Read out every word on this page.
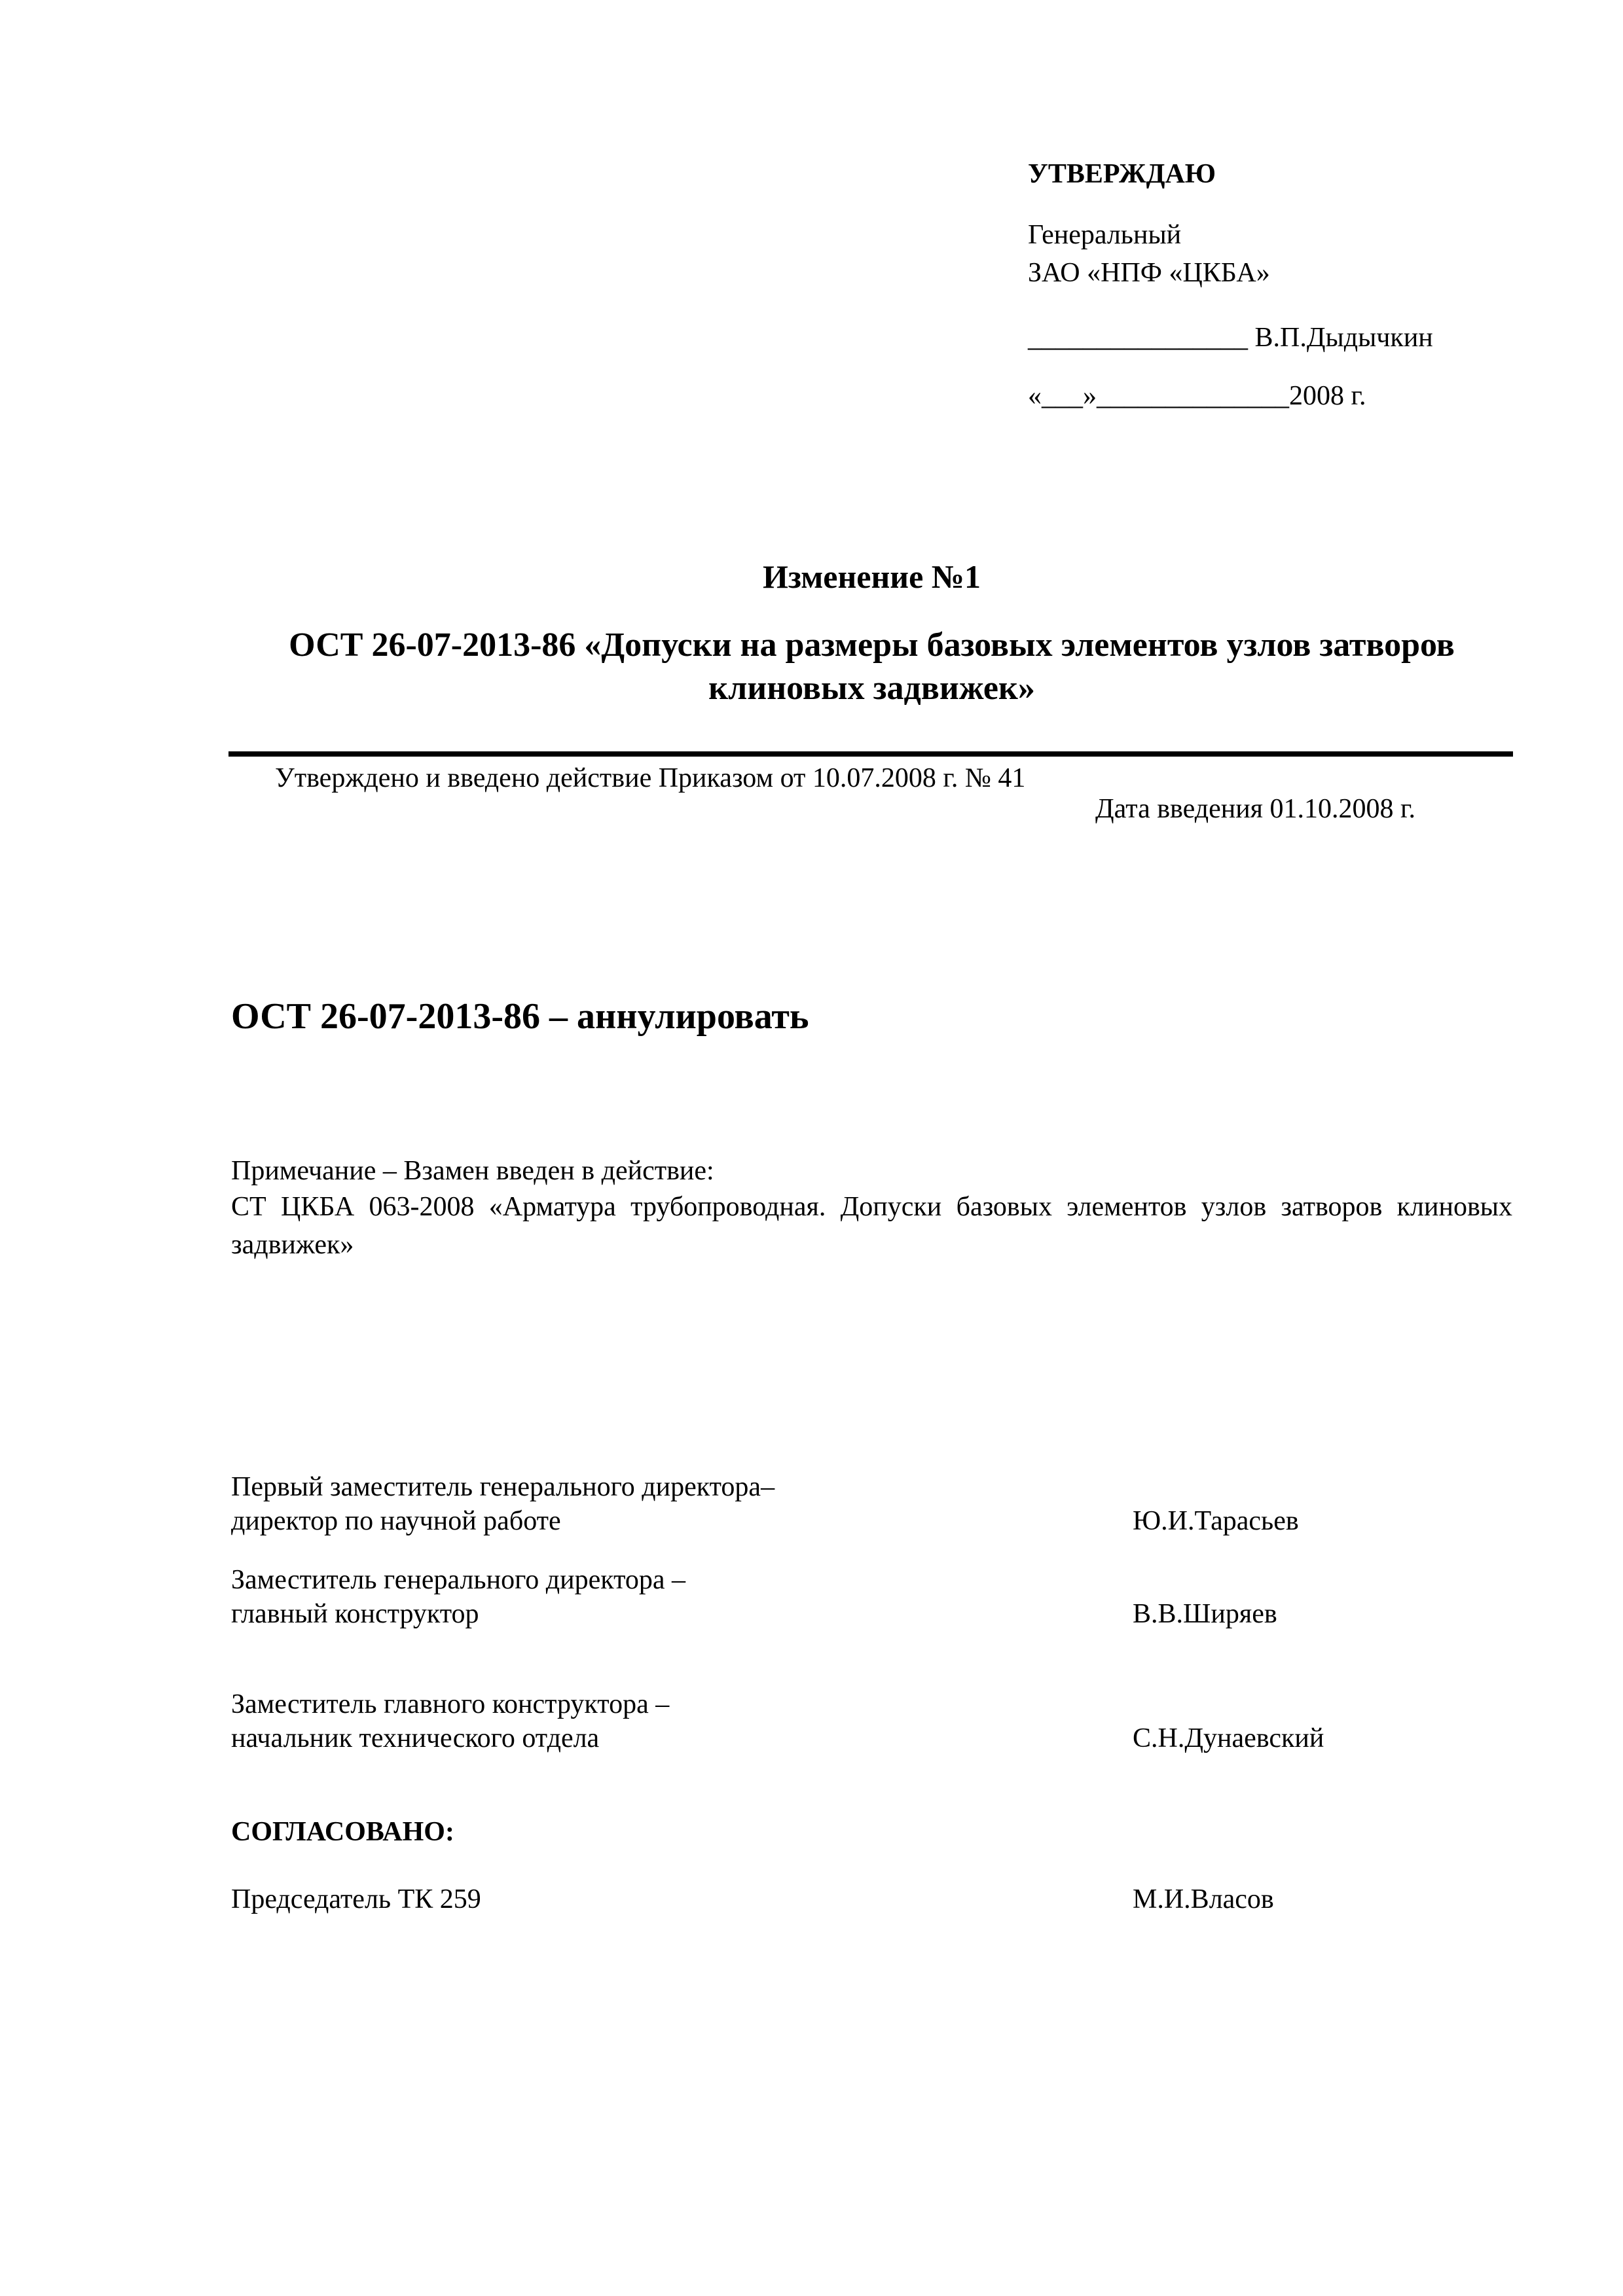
УТВЕРЖДАЮ
Генеральный
ЗАО «НПФ «ЦКБА»
________________ В.П.Дыдычкин
«___»______________2008 г.
Изменение №1
ОСТ 26-07-2013-86 «Допуски на размеры базовых элементов узлов затворов клиновых задвижек»
Утверждено и введено действие Приказом от 10.07.2008 г. № 41
Дата введения 01.10.2008 г.
ОСТ 26-07-2013-86 – аннулировать
Примечание – Взамен введен в действие:
СТ ЦКБА 063-2008 «Арматура трубопроводная. Допуски базовых элементов узлов затворов клиновых задвижек»
Первый заместитель генерального директора–
директор по научной работе	Ю.И.Тарасьев
Заместитель генерального директора –
главный конструктор	В.В.Ширяев
Заместитель главного конструктора –
начальник технического отдела	С.Н.Дунаевский
СОГЛАСОВАНО:
Председатель ТК 259	М.И.Власов
